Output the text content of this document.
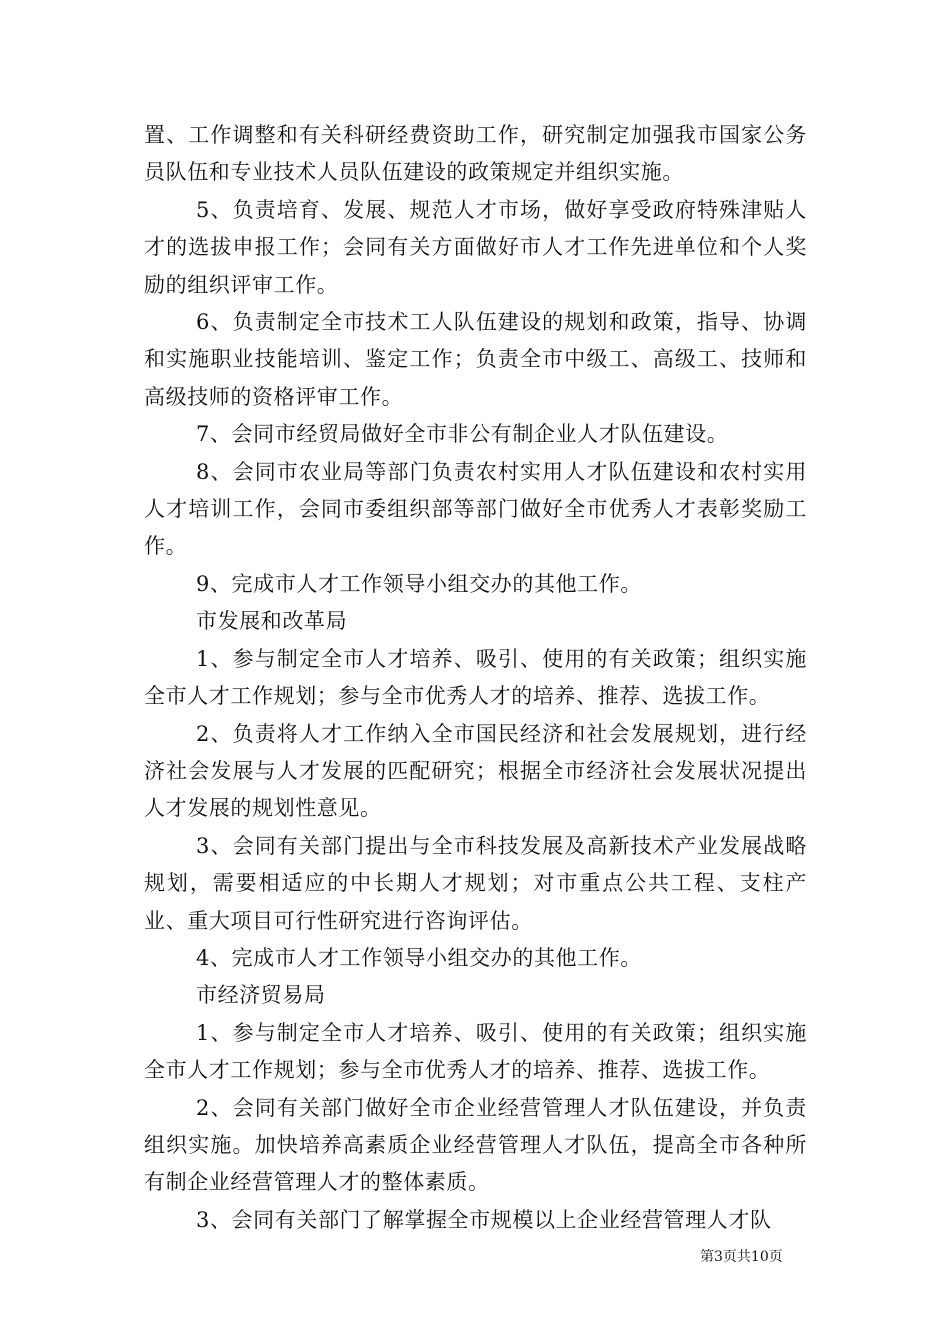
置、工作调整和有关科研经费资助工作，研究制定加强我市国家公务员队伍和专业技术人员队伍建设的政策规定并组织实施。

5、负责培育、发展、规范人才市场，做好享受政府特殊津贴人才的选拔申报工作；会同有关方面做好市人才工作先进单位和个人奖励的组织评审工作。

6、负责制定全市技术工人队伍建设的规划和政策，指导、协调和实施职业技能培训、鉴定工作；负责全市中级工、高级工、技师和高级技师的资格评审工作。

7、会同市经贸局做好全市非公有制企业人才队伍建设。

8、会同市农业局等部门负责农村实用人才队伍建设和农村实用人才培训工作，会同市委组织部等部门做好全市优秀人才表彰奖励工作。

9、完成市人才工作领导小组交办的其他工作。

市发展和改革局

1、参与制定全市人才培养、吸引、使用的有关政策；组织实施全市人才工作规划；参与全市优秀人才的培养、推荐、选拔工作。

2、负责将人才工作纳入全市国民经济和社会发展规划，进行经济社会发展与人才发展的匹配研究；根据全市经济社会发展状况提出人才发展的规划性意见。

3、会同有关部门提出与全市科技发展及高新技术产业发展战略规划，需要相适应的中长期人才规划；对市重点公共工程、支柱产业、重大项目可行性研究进行咨询评估。

4、完成市人才工作领导小组交办的其他工作。

市经济贸易局

1、参与制定全市人才培养、吸引、使用的有关政策；组织实施全市人才工作规划；参与全市优秀人才的培养、推荐、选拔工作。

2、会同有关部门做好全市企业经营管理人才队伍建设，并负责组织实施。加快培养高素质企业经营管理人才队伍，提高全市各种所有制企业经营管理人才的整体素质。

3、会同有关部门了解掌握全市规模以上企业经营管理人才队

第3页共10页
